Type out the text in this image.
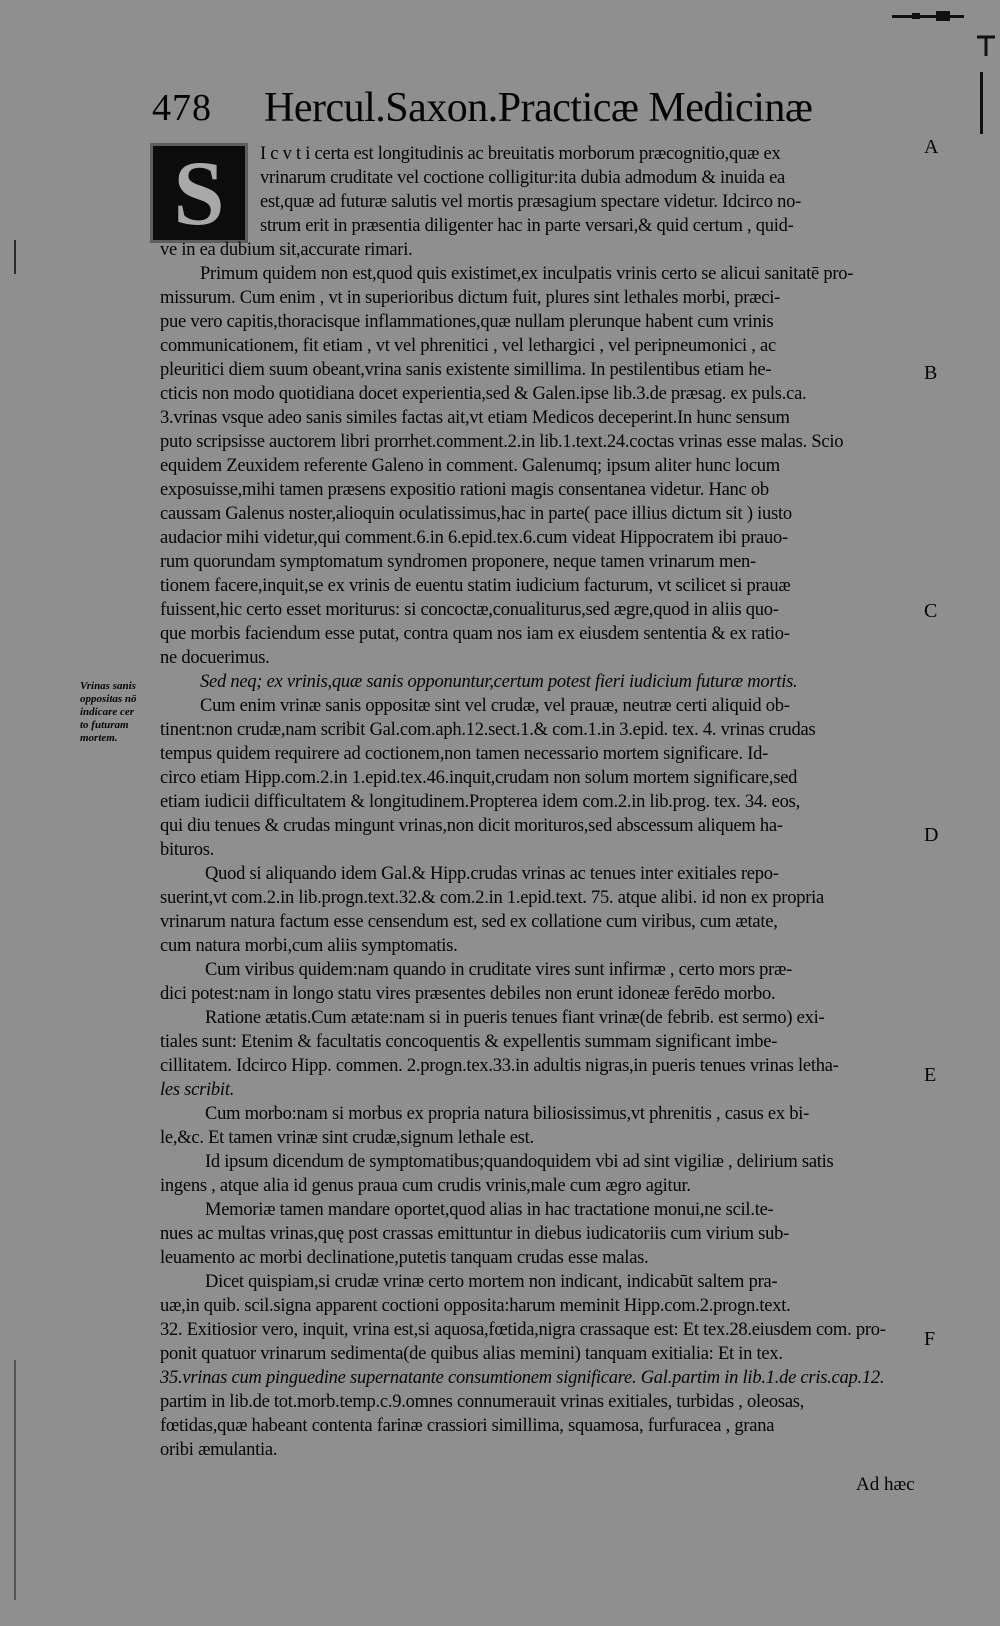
478 Hercul.Saxon.Practicæ Medicinæ
S	I c v t i certa est longitudinis ac breuitatis morborum præcognitio,quæ ex
vrinarum cruditate vel coctione colligitur:ita dubia admodum & inuida ea
est,quæ ad futuræ salutis vel mortis præsagium spectare videtur. Idcirco no-
strum erit in præsentia diligenter hac in parte versari,& quid certum , quid-
ve in ea dubium sit,accurate rimari.
Primum quidem non est,quod quis existimet,ex inculpatis vrinis certo se alicui sanitatē pro-
missurum. Cum enim , vt in superioribus dictum fuit, plures sint lethales morbi, præci-
pue vero capitis,thoracisque inflammationes,quæ nullam plerunque habent cum vrinis
communicationem, fit etiam , vt vel phrenitici , vel lethargici , vel peripneumonici , ac
pleuritici diem suum obeant,vrina sanis existente simillima. In pestilentibus etiam he-
cticis non modo quotidiana docet experientia,sed & Galen.ipse lib.3.de præsag. ex puls.ca.
3.vrinas vsque adeo sanis similes factas ait,vt etiam Medicos deceperint.In hunc sensum
puto scripsisse auctorem libri prorrhet.comment.2.in lib.1.text.24.coctas vrinas esse malas. Scio
equidem Zeuxidem referente Galeno in comment. Galenumq; ipsum aliter hunc locum
exposuisse,mihi tamen præsens expositio rationi magis consentanea videtur. Hanc ob
caussam Galenus noster,alioquin oculatissimus,hac in parte( pace illius dictum sit ) iusto
audacior mihi videtur,qui comment.6.in 6.epid.tex.6.cum videat Hippocratem ibi prauo-
rum quorundam symptomatum syndromen proponere, neque tamen vrinarum men-
tionem facere,inquit,se ex vrinis de euentu statim iudicium facturum, vt scilicet si prauæ
fuissent,hic certo esset moriturus: si concoctæ,conualiturus,sed ægre,quod in aliis quo-
que morbis faciendum esse putat, contra quam nos iam ex eiusdem sententia & ex ratio-
ne docuerimus.
Sed neq; ex vrinis,quæ sanis opponuntur,certum potest fieri iudicium futuræ mortis.
Cum enim vrinæ sanis oppositæ sint vel crudæ, vel prauæ, neutræ certi aliquid ob-
tinent:non crudæ,nam scribit Gal.com.aph.12.sect.1.& com.1.in 3.epid. tex. 4. vrinas crudas
tempus quidem requirere ad coctionem,non tamen necessario mortem significare. Id-
circo etiam Hipp.com.2.in 1.epid.tex.46.inquit,crudam non solum mortem significare,sed
etiam iudicii difficultatem & longitudinem.Propterea idem com.2.in lib.prog. tex. 34. eos,
qui diu tenues & crudas mingunt vrinas,non dicit morituros,sed abscessum aliquem ha-
bituros.
Quod si aliquando idem Gal.& Hipp.crudas vrinas ac tenues inter exitiales repo-
suerint,vt com.2.in lib.progn.text.32.& com.2.in 1.epid.text. 75. atque alibi. id non ex propria
vrinarum natura factum esse censendum est, sed ex collatione cum viribus, cum ætate,
cum natura morbi,cum aliis symptomatis.
Cum viribus quidem:nam quando in cruditate vires sunt infirmæ , certo mors præ-
dici potest:nam in longo statu vires præsentes debiles non erunt idoneæ ferēdo morbo.
Ratione ætatis.Cum ætate:nam si in pueris tenues fiant vrinæ(de febrib. est sermo) exi-
tiales sunt: Etenim & facultatis concoquentis & expellentis summam significant imbe-
cillitatem. Idcirco Hipp. commen. 2.progn.tex.33.in adultis nigras,in pueris tenues vrinas letha-
les scribit.
Cum morbo:nam si morbus ex propria natura biliosissimus,vt phrenitis , casus ex bi-
le,&c. Et tamen vrinæ sint crudæ,signum lethale est.
Id ipsum dicendum de symptomatibus;quandoquidem vbi ad sint vigiliæ , delirium satis
ingens , atque alia id genus praua cum crudis vrinis,male cum ægro agitur.
Memoriæ tamen mandare oportet,quod alias in hac tractatione monui,ne scil.te-
nues ac multas vrinas,quę post crassas emittuntur in diebus iudicatoriis cum virium sub-
leuamento ac morbi declinatione,putetis tanquam crudas esse malas.
Dicet quispiam,si crudæ vrinæ certo mortem non indicant, indicabūt saltem pra-
uæ,in quib. scil.signa apparent coctioni opposita:harum meminit Hipp.com.2.progn.text.
32. Exitiosior vero, inquit, vrina est,si aquosa,fœtida,nigra crassaque est: Et tex.28.eiusdem com. pro-
ponit quatuor vrinarum sedimenta(de quibus alias memini) tanquam exitialia: Et in tex.
35.vrinas cum pinguedine supernatante consumtionem significare. Gal.partim in lib.1.de cris.cap.12.
partim in lib.de tot.morb.temp.c.9.omnes connumerauit vrinas exitiales, turbidas , oleosas,
fœtidas,quæ habeant contenta farinæ crassiori simillima, squamosa, furfuracea , grana
oribi æmulantia.
A
B
C
D
E
F
Vrinas sanis
oppositas nō
indicare cer
to futuram
mortem.
Ad hæc
